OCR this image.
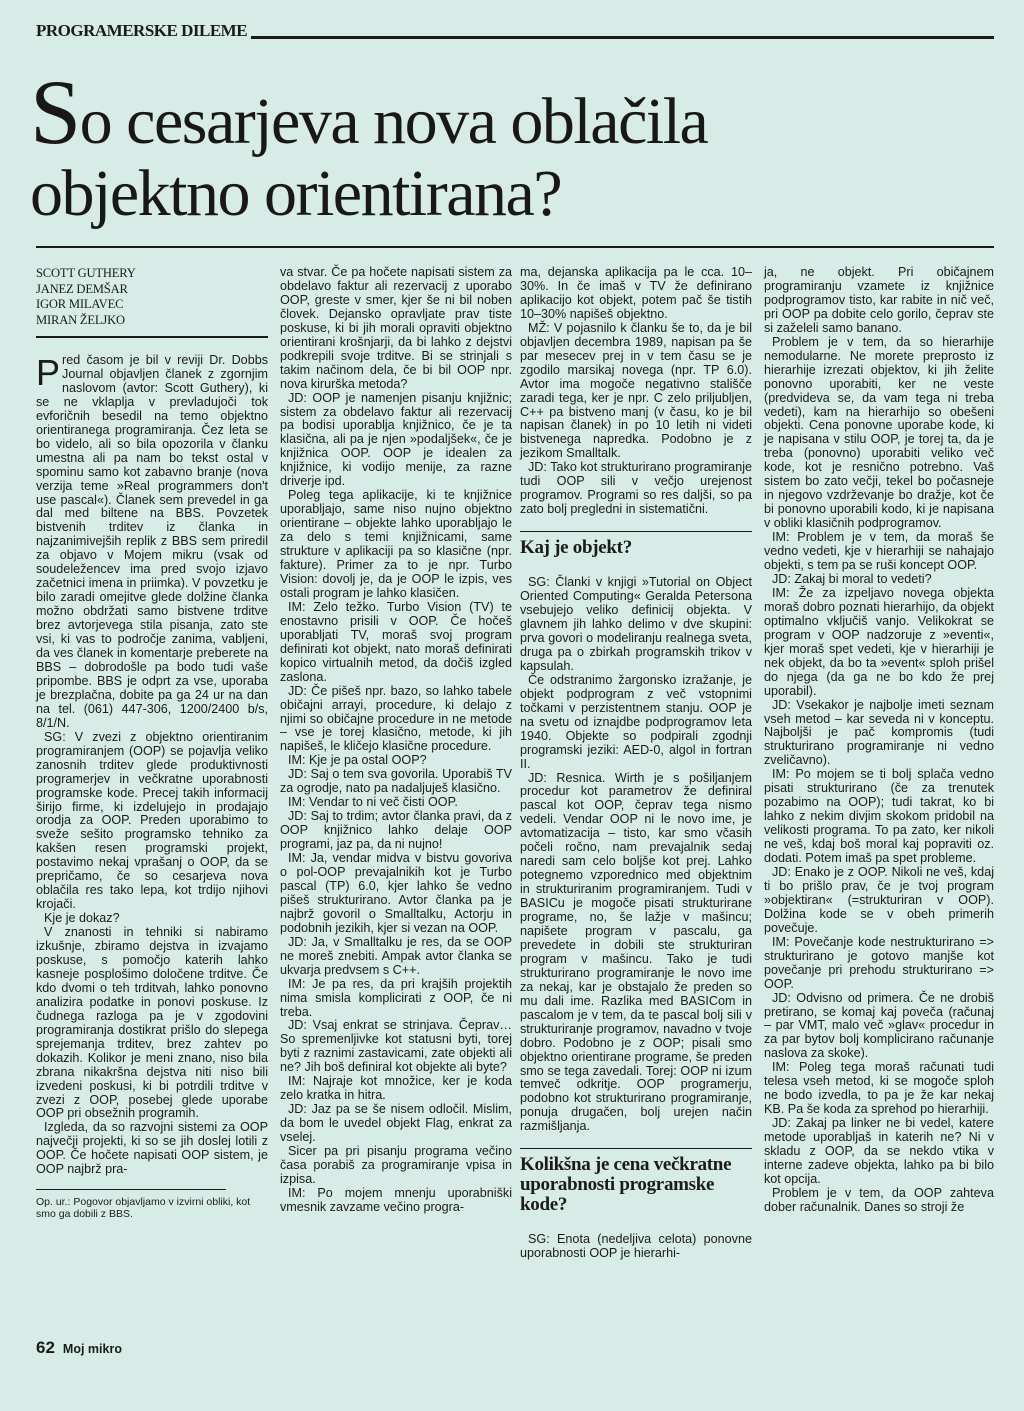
PROGRAMERSKE DILEME
So cesarjeva nova oblačila
objektno orientirana?
SCOTT GUTHERY
JANEZ DEMŠAR
IGOR MILAVEC
MIRAN ŽELJKO

Pred časom je bil v reviji Dr. Dobbs Journal objavljen članek z zgornjim naslovom (avtor: Scott Guthery), ki se ne vklaplja v prevladujoči tok evforičnih besedil na temo objektno orientiranega programiranja. Čez leta se bo videlo, ali so bila opozorila v članku umestna ali pa nam bo tekst ostal v spominu samo kot zabavno branje (nova verzija teme »Real programmers don't use pascal«). Članek sem prevedel in ga dal med biltene na BBS. Povzetek bistvenih trditev iz članka in najzanimivejših replik z BBS sem priredil za objavo v Mojem mikru (vsak od soudeležencev ima pred svojo izjavo začetnici imena in priimka). V povzetku je bilo zaradi omejitve glede dolžine članka možno obdržati samo bistvene trditve brez avtorjevega stila pisanja, zato ste vsi, ki vas to področje zanima, vabljeni, da ves članek in komentarje preberete na BBS – dobrodošle pa bodo tudi vaše pripombe. BBS je odprt za vse, uporaba je brezplačna, dobite pa ga 24 ur na dan na tel. (061) 447-306, 1200/2400 b/s, 8/1/N.

SG: V zvezi z objektno orientiranim programiranjem (OOP) se pojavlja veliko zanosnih trditev glede produktivnosti programerjev in večkratne uporabnosti programske kode. Precej takih informacij širijo firme, ki izdelujejo in prodajajo orodja za OOP. Preden uporabimo to sveže sešito programsko tehniko za kakšen resen programski projekt, postavimo nekaj vprašanj o OOP, da se prepričamo, če so cesarjeva nova oblačila res tako lepa, kot trdijo njihovi krojači.

Kje je dokaz?

V znanosti in tehniki si nabiramo izkušnje, zbiramo dejstva in izvajamo poskuse, s pomočjo katerih lahko kasneje posplošimo določene trditve. Če kdo dvomi o teh trditvah, lahko ponovno analizira podatke in ponovi poskuse. Iz čudnega razloga pa je v zgodovini programiranja dostikrat prišlo do slepega sprejemanja trditev, brez zahtev po dokazih. Kolikor je meni znano, niso bila zbrana nikakršna dejstva niti niso bili izvedeni poskusi, ki bi potrdili trditve v zvezi z OOP, posebej glede uporabe OOP pri obsežnih programih.

Izgleda, da so razvojni sistemi za OOP največji projekti, ki so se jih doslej lotili z OOP. Če hočete napisati OOP sistem, je OOP najbrž pra-

Op. ur.: Pogovor objavljamo v izvirni obliki, kot smo ga dobili z BBS.

va stvar. Če pa hočete napisati sistem za obdelavo faktur ali rezervacij z uporabo OOP, greste v smer, kjer še ni bil noben človek. Dejansko opravljate prav tiste poskuse, ki bi jih morali opraviti objektno orientirani krošnjarji, da bi lahko z dejstvi podkrepili svoje trditve. Bi se strinjali s takim načinom dela, če bi bil OOP npr. nova kirurška metoda?

JD: OOP je namenjen pisanju knjižnic; sistem za obdelavo faktur ali rezervacij pa bodisi uporablja knjižnico, če je ta klasična, ali pa je njen »podaljšek«, če je knjižnica OOP. OOP je idealen za knjižnice, ki vodijo menije, za razne driverje ipd.

Poleg tega aplikacije, ki te knjižnice uporabljajo, same niso nujno objektno orientirane – objekte lahko uporabljajo le za delo s temi knjižnicami, same strukture v aplikaciji pa so klasične (npr. fakture). Primer za to je npr. Turbo Vision: dovolj je, da je OOP le izpis, ves ostali program je lahko klasičen.

IM: Zelo težko. Turbo Vision (TV) te enostavno prisili v OOP. Če hočeš uporabljati TV, moraš svoj program definirati kot objekt, nato moraš definirati kopico virtualnih metod, da dočiš izgled zaslona.

JD: Če pišeš npr. bazo, so lahko tabele običajni arrayi, procedure, ki delajo z njimi so običajne procedure in ne metode – vse je torej klasično, metode, ki jih napišeš, le kličejo klasične procedure.

IM: Kje je pa ostal OOP?

JD: Saj o tem sva govorila. Uporabiš TV za ogrodje, nato pa nadaljuješ klasično.

IM: Vendar to ni več čisti OOP.

JD: Saj to trdim; avtor članka pravi, da z OOP knjižnico lahko delaje OOP programi, jaz pa, da ni nujno!

IM: Ja, vendar midva v bistvu govoriva o pol-OOP prevajalnikih kot je Turbo pascal (TP) 6.0, kjer lahko še vedno pišeš strukturirano. Avtor članka pa je najbrž govoril o Smalltalku, Actorju in podobnih jezikih, kjer si vezan na OOP.

JD: Ja, v Smalltalku je res, da se OOP ne moreš znebiti. Ampak avtor članka se ukvarja predvsem s C++.

IM: Je pa res, da pri krajših projektih nima smisla komplicirati z OOP, če ni treba.

JD: Vsaj enkrat se strinjava. Čeprav… So spremenljivke kot statusni byti, torej byti z raznimi zastavicami, zate objekti ali ne? Jih boš definiral kot objekte ali byte?

IM: Najraje kot množice, ker je koda zelo kratka in hitra.

JD: Jaz pa se še nisem odločil. Mislim, da bom le uvedel objekt Flag, enkrat za vselej.

Sicer pa pri pisanju programa večino časa porabiš za programiranje vpisa in izpisa.

IM: Po mojem mnenju uporabniški vmesnik zavzame večino progra-

ma, dejanska aplikacija pa le cca. 10–30%. In če imaš v TV že definirano aplikacijo kot objekt, potem pač še tistih 10–30% napišeš objektno.

MŽ: V pojasnilo k članku še to, da je bil objavljen decembra 1989, napisan pa še par mesecev prej in v tem času se je zgodilo marsikaj novega (npr. TP 6.0). Avtor ima mogoče negativno stališče zaradi tega, ker je npr. C zelo priljubljen, C++ pa bistveno manj (v času, ko je bil napisan članek) in po 10 letih ni videti bistvenega napredka. Podobno je z jezikom Smalltalk.

JD: Tako kot strukturirano programiranje tudi OOP sili v večjo urejenost programov. Programi so res daljši, so pa zato bolj pregledni in sistematični.

Kaj je objekt?

SG: Članki v knjigi »Tutorial on Object Oriented Computing« Geralda Petersona vsebujejo veliko definicij objekta. V glavnem jih lahko delimo v dve skupini: prva govori o modeliranju realnega sveta, druga pa o zbirkah programskih trikov v kapsulah.

Če odstranimo žargonsko izražanje, je objekt podprogram z več vstopnimi točkami v perzistentnem stanju. OOP je na svetu od iznajdbe podprogramov leta 1940. Objekte so podpirali zgodnji programski jeziki: AED-0, algol in fortran II.

JD: Resnica. Wirth je s pošiljanjem procedur kot parametrov že definiral pascal kot OOP, čeprav tega nismo vedeli. Vendar OOP ni le novo ime, je avtomatizacija – tisto, kar smo včasih počeli ročno, nam prevajalnik sedaj naredi sam celo boljše kot prej. Lahko potegnemo vzporednico med objektnim in strukturiranim programiranjem. Tudi v BASICu je mogoče pisati strukturirane programe, no, še lažje v mašincu; napišete program v pascalu, ga prevedete in dobili ste strukturiran program v mašincu. Tako je tudi strukturirano programiranje le novo ime za nekaj, kar je obstajalo že preden so mu dali ime. Razlika med BASICom in pascalom je v tem, da te pascal bolj sili v strukturiranje programov, navadno v tvoje dobro. Podobno je z OOP; pisali smo objektno orientirane programe, še preden smo se tega zavedali. Torej: OOP ni izum temveč odkritje. OOP programerju, podobno kot strukturirano programiranje, ponuja drugačen, bolj urejen način razmišljanja.

Kolikšna je cena večkratne uporabnosti programske kode?

SG: Enota (nedeljiva celota) ponovne uporabnosti OOP je hierarhi-

ja, ne objekt. Pri običajnem programiranju vzamete iz knjižnice podprogramov tisto, kar rabite in nič več, pri OOP pa dobite celo gorilo, čeprav ste si zaželeli samo banano.

Problem je v tem, da so hierarhije nemodularne. Ne morete preprosto iz hierarhije izrezati objektov, ki jih želite ponovno uporabiti, ker ne veste (predvideva se, da vam tega ni treba vedeti), kam na hierarhijo so obešeni objekti. Cena ponovne uporabe kode, ki je napisana v stilu OOP, je torej ta, da je treba (ponovno) uporabiti veliko več kode, kot je resnično potrebno. Vaš sistem bo zato večji, tekel bo počasneje in njegovo vzdrževanje bo dražje, kot če bi ponovno uporabili kodo, ki je napisana v obliki klasičnih podprogramov.

IM: Problem je v tem, da moraš še vedno vedeti, kje v hierarhiji se nahajajo objekti, s tem pa se ruši koncept OOP.

JD: Zakaj bi moral to vedeti?

IM: Že za izpeljavo novega objekta moraš dobro poznati hierarhijo, da objekt optimalno vključiš vanjo. Velikokrat se program v OOP nadzoruje z »eventi«, kjer moraš spet vedeti, kje v hierarhiji je nek objekt, da bo ta »event« sploh prišel do njega (da ga ne bo kdo že prej uporabil).

JD: Vsekakor je najbolje imeti seznam vseh metod – kar seveda ni v konceptu. Najboljši je pač kompromis (tudi strukturirano programiranje ni vedno zveličavno).

IM: Po mojem se ti bolj splača vedno pisati strukturirano (če za trenutek pozabimo na OOP); tudi takrat, ko bi lahko z nekim divjim skokom pridobil na velikosti programa. To pa zato, ker nikoli ne veš, kdaj boš moral kaj popraviti oz. dodati. Potem imaš pa spet probleme.

JD: Enako je z OOP. Nikoli ne veš, kdaj ti bo prišlo prav, če je tvoj program »objektiran« (=strukturiran v OOP). Dolžina kode se v obeh primerih povečuje.

IM: Povečanje kode nestrukturirano => strukturirano je gotovo manjše kot povečanje pri prehodu strukturirano => OOP.

JD: Odvisno od primera. Če ne drobiš pretirano, se komaj kaj poveča (računaj – par VMT, malo več »glav« procedur in za par bytov bolj komplicirano računanje naslova za skoke).

IM: Poleg tega moraš računati tudi telesa vseh metod, ki se mogoče sploh ne bodo izvedla, to pa je že kar nekaj KB. Pa še koda za sprehod po hierarhiji.

JD: Zakaj pa linker ne bi vedel, katere metode uporabljaš in katerih ne? Ni v skladu z OOP, da se nekdo vtika v interne zadeve objekta, lahko pa bi bilo kot opcija.

Problem je v tem, da OOP zahteva dober računalnik. Danes so stroji že

62 Moj mikro
